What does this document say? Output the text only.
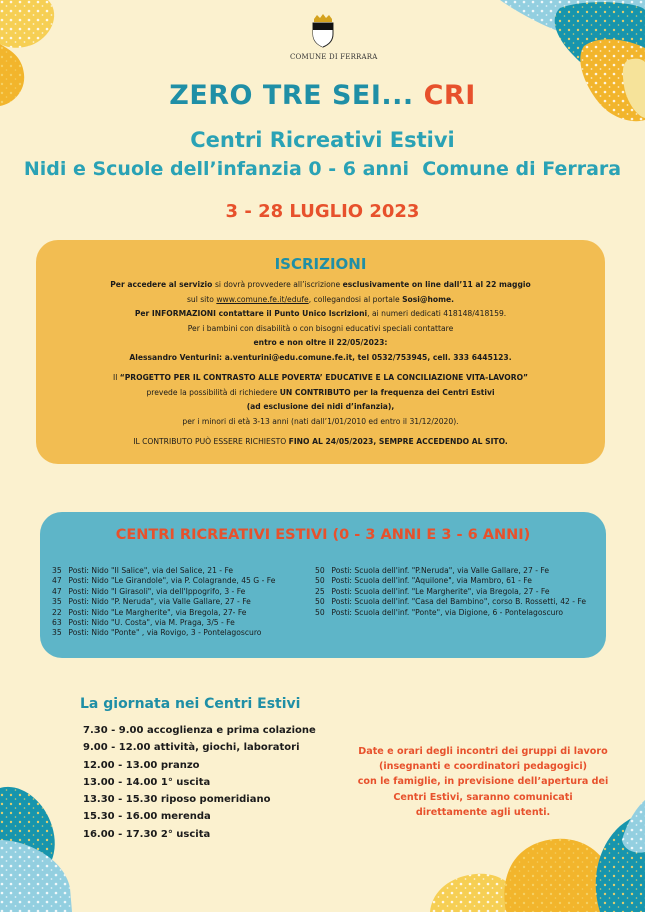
COMUNE DI FERRARA
ZERO TRE SEI... CRI
Centri Ricreativi Estivi
Nidi e Scuole dell’infanzia 0 - 6 anni  Comune di Ferrara
3 - 28 LUGLIO 2023
ISCRIZIONI

Per accedere al servizio si dovrà provvedere all’iscrizione esclusivamente on line dall’11 al 22 maggio

sul sito www.comune.fe.it/edufe, collegandosi al portale Sosi@home.

Per INFORMAZIONI contattare il Punto Unico Iscrizioni, ai numeri dedicati 418148/418159.

Per i bambini con disabilità o con bisogni educativi speciali contattare

entro e non oltre il 22/05/2023:

Alessandro Venturini: a.venturini@edu.comune.fe.it, tel 0532/753945, cell. 333 6445123.

Il “PROGETTO PER IL CONTRASTO ALLE POVERTA’ EDUCATIVE E LA CONCILIAZIONE VITA-LAVORO”

prevede la possibilità di richiedere UN CONTRIBUTO per la frequenza dei Centri Estivi

(ad esclusione dei nidi d’infanzia),

per i minori di età 3-13 anni (nati dall’1/01/2010 ed entro il 31/12/2020).

IL CONTRIBUTO PUÒ ESSERE RICHIESTO FINO AL 24/05/2023, SEMPRE ACCEDENDO AL SITO.

CENTRI RICREATIVI ESTIVI (0 - 3 ANNI E 3 - 6 ANNI)
35 Posti: Nido "Il Salice", via del Salice, 21 - Fe
47 Posti: Nido "Le Girandole", via P. Colagrande, 45 G - Fe
47 Posti: Nido "I Girasoli", via dell'Ippogrifo, 3 - Fe
35 Posti: Nido "P. Neruda", via Valle Gallare, 27 - Fe
22 Posti: Nido "Le Margherite", via Bregola, 27- Fe
63 Posti: Nido "U. Costa", via M. Praga, 3/5 - Fe
35 Posti: Nido "Ponte" , via Rovigo, 3 - Pontelagoscuro
50 Posti: Scuola dell'inf. "P.Neruda", via Valle Gallare, 27 - Fe
50 Posti: Scuola dell'inf. "Aquilone", via Mambro, 61 - Fe
25 Posti: Scuola dell'inf. "Le Margherite", via Bregola, 27 - Fe
50 Posti: Scuola dell'inf. "Casa del Bambino", corso B. Rossetti, 42 - Fe
50 Posti: Scuola dell'inf. "Ponte", via Digione, 6 - Pontelagoscuro
La giornata nei Centri Estivi
7.30 - 9.00 accoglienza e prima colazione
9.00 - 12.00 attività, giochi, laboratori
12.00 - 13.00 pranzo
13.00 - 14.00 1° uscita
13.30 - 15.30 riposo pomeridiano
15.30 - 16.00 merenda
16.00 - 17.30 2° uscita
Date e orari degli incontri dei gruppi di lavoro
(insegnanti e coordinatori pedagogici)
con le famiglie, in previsione dell’apertura dei
Centri Estivi, saranno comunicati
direttamente agli utenti.
